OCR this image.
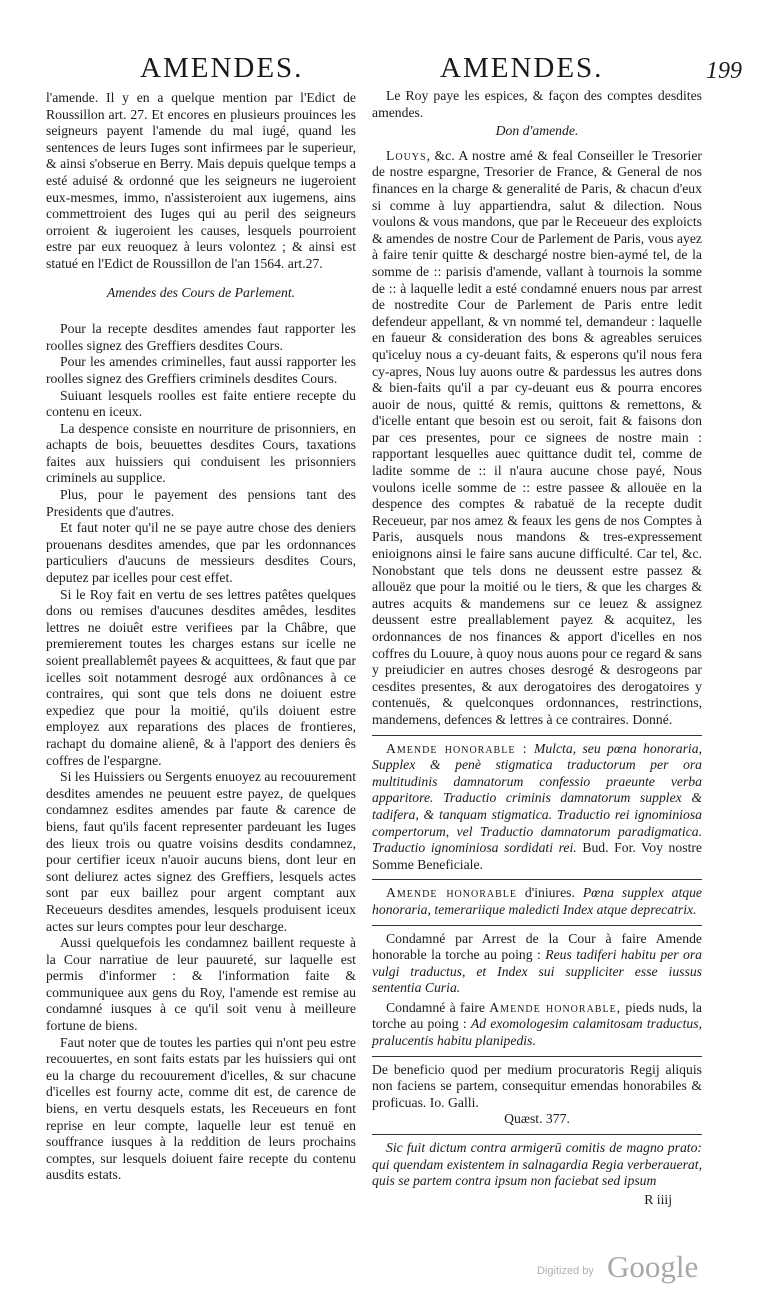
AMENDES.	AMENDES.	199

l'amende. Il y en a quelque mention par l'Edict de Roussillon art. 27. Et encores en plusieurs prouinces les seigneurs payent l'amende du mal iugé, quand les sentences de leurs Iuges sont infirmees par le superieur, & ainsi s'obserue en Berry. Mais depuis quelque temps a esté aduisé & ordonné que les seigneurs ne iugeroient eux-mesmes, immo, n'assisteroient aux iugemens, ains commettroient des Iuges qui au peril des seigneurs orroient & iugeroient les causes, lesquels pourroient estre par eux reuoquez à leurs volontez ; & ainsi est statué en l'Edict de Roussillon de l'an 1564. art.27.

Amendes des Cours de Parlement.

Pour la recepte desdites amendes faut rapporter les roolles signez des Greffiers desdites Cours.

Pour les amendes criminelles, faut aussi rapporter les roolles signez des Greffiers criminels desdites Cours.

Suiuant lesquels roolles est faite entiere recepte du contenu en iceux.

La despence consiste en nourriture de prisonniers, en achapts de bois, beuuettes desdites Cours, taxations faites aux huissiers qui conduisent les prisonniers criminels au supplice.

Plus, pour le payement des pensions tant des Presidents que d'autres.

Et faut noter qu'il ne se paye autre chose des deniers prouenans desdites amendes, que par les ordonnances particuliers d'aucuns de messieurs desdites Cours, deputez par icelles pour cest effet.

Si le Roy fait en vertu de ses lettres patêtes quelques dons ou remises d'aucunes desdites amêdes, lesdites lettres ne doiuêt estre verifiees par la Châbre, que premierement toutes les charges estans sur icelle ne soient preallablemêt payees & acquittees, & faut que par icelles soit notamment desrogé aux ordônances à ce contraires, qui sont que tels dons ne doiuent estre expediez que pour la moitié, qu'ils doiuent estre employez aux reparations des places de frontieres, rachapt du domaine alienê, & à l'apport des deniers ês coffres de l'espargne.

Si les Huissiers ou Sergents enuoyez au recouurement desdites amendes ne peuuent estre payez, de quelques condamnez esdites amendes par faute & carence de biens, faut qu'ils facent representer pardeuant les Iuges des lieux trois ou quatre voisins desdits condamnez, pour certifier iceux n'auoir aucuns biens, dont leur en sont deliurez actes signez des Greffiers, lesquels actes sont par eux baillez pour argent comptant aux Receueurs desdites amendes, lesquels produisent iceux actes sur leurs comptes pour leur descharge.

Aussi quelquefois les condamnez baillent requeste à la Cour narratiue de leur pauureté, sur laquelle est permis d'informer : & l'information faite & communiquee aux gens du Roy, l'amende est remise au condamné iusques à ce qu'il soit venu à meilleure fortune de biens.

Faut noter que de toutes les parties qui n'ont peu estre recouuertes, en sont faits estats par les huissiers qui ont eu la charge du recouurement d'icelles, & sur chacune d'icelles est fourny acte, comme dit est, de carence de biens, en vertu desquels estats, les Receueurs en font reprise en leur compte, laquelle leur est tenuë en souffrance iusques à la reddition de leurs prochains comptes, sur lesquels doiuent faire recepte du contenu ausdits estats.

Le Roy paye les espices, & façon des comptes desdites amendes.

Don d'amende.

Louys, &c. A nostre amé & feal Conseiller le Tresorier de nostre espargne, Tresorier de France, & General de nos finances en la charge & generalité de Paris, & chacun d'eux si comme à luy appartiendra, salut & dilection. Nous voulons & vous mandons, que par le Receueur des exploicts & amendes de nostre Cour de Parlement de Paris, vous ayez à faire tenir quitte & deschargé nostre bien-aymé tel, de la somme de :: parisis d'amende, vallant à tournois la somme de :: à laquelle ledit a esté condamné enuers nous par arrest de nostredite Cour de Parlement de Paris entre ledit defendeur appellant, & vn nommé tel, demandeur : laquelle en faueur & consideration des bons & agreables seruices qu'iceluy nous a cy-deuant faits, & esperons qu'il nous fera cy-apres, Nous luy auons outre & pardessus les autres dons & bien-faits qu'il a par cy-deuant eus & pourra encores auoir de nous, quitté & remis, quittons & remettons, & d'icelle entant que besoin est ou seroit, fait & faisons don par ces presentes, pour ce signees de nostre main : rapportant lesquelles auec quittance dudit tel, comme de ladite somme de :: il n'aura aucune chose payé, Nous voulons icelle somme de :: estre passee & allouëe en la despence des comptes & rabatuë de la recepte dudit Receueur, par nos amez & feaux les gens de nos Comptes à Paris, ausquels nous mandons & tres-expressement enioignons ainsi le faire sans aucune difficulté. Car tel, &c. Nonobstant que tels dons ne deussent estre passez & allouëz que pour la moitié ou le tiers, & que les charges & autres acquits & mandemens sur ce leuez & assignez deussent estre preallablement payez & acquitez, les ordonnances de nos finances & apport d'icelles en nos coffres du Louure, à quoy nous auons pour ce regard & sans y preiudicier en autres choses desrogé & desrogeons par cesdites presentes, & aux derogatoires des derogatoires y contenuës, & quelconques ordonnances, restrinctions, mandemens, defences & lettres à ce contraires. Donné.

Amende honorable : Mulcta, seu pœna honoraria, Supplex & penè stigmatica traductorum per ora multitudinis damnatorum confessio praeunte verba apparitore. Traductio criminis damnatorum supplex & tadifera, & tanquam stigmatica. Traductio rei ignominiosa compertorum, vel Traductio damnatorum paradigmatica. Traductio ignominiosa sordidati rei. Bud. For. Voy nostre Somme Beneficiale.

Amende honorable d'iniures. Pœna supplex atque honoraria, temerariique maledicti Index atque deprecatrix.

Condamné par Arrest de la Cour à faire Amende honorable la torche au poing : Reus tadiferi habitu per ora vulgi traductus, et Index sui suppliciter esse iussus sententia Curia.

Condamné à faire Amende honorable, pieds nuds, la torche au poing : Ad exomologesim calamitosam traductus, pralucentis habitu planipedis.

De beneficio quod per medium procuratoris Regij aliquis non faciens se partem, consequitur emendas honorabiles & proficuas. Io. Galli.

Quæst. 377.

Sic fuit dictum contra armigerū comitis de magno prato: qui quendam existentem in salnagardia Regia verberauerat, quis se partem contra ipsum non faciebat sed ipsum

R iiij

Digitized by Google
